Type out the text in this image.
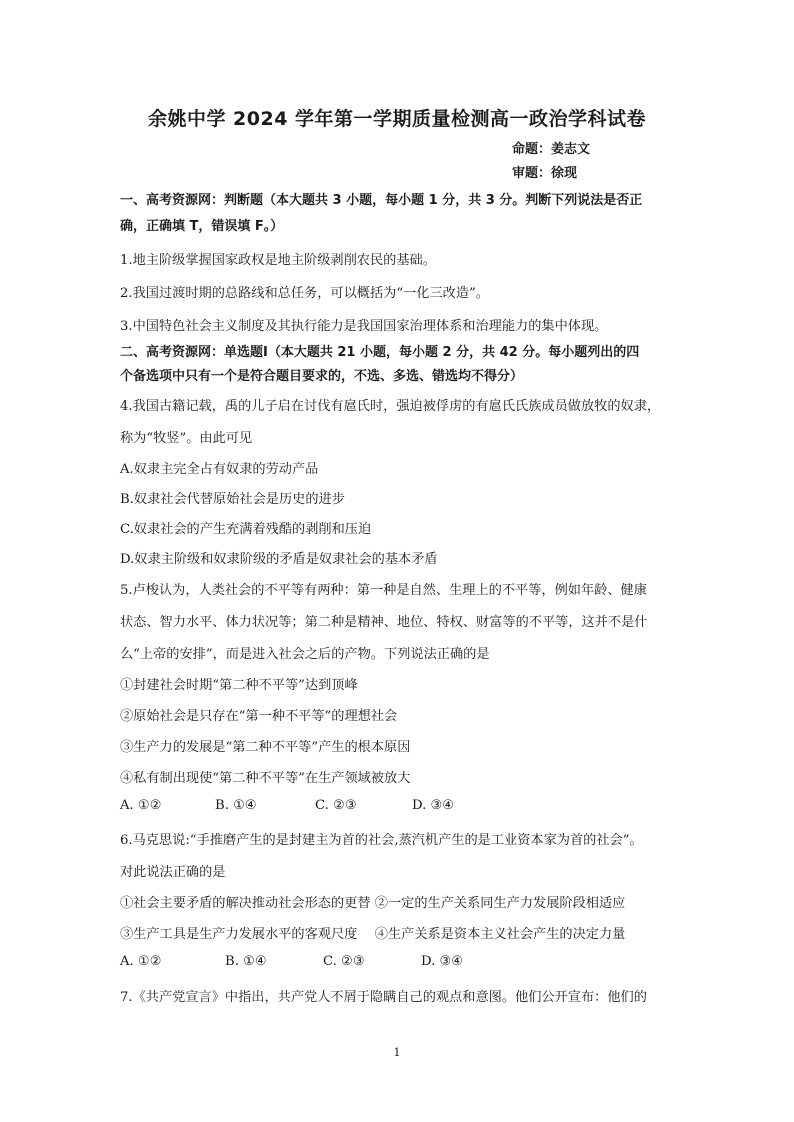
余姚中学 2024 学年第一学期质量检测高一政治学科试卷
命题：姜志文
审题：徐现
一、高考资源网：判断题（本大题共 3 小题，每小题 1 分，共 3 分。判断下列说法是否正
确，正确填 T，错误填 F。）
1.地主阶级掌握国家政权是地主阶级剥削农民的基础。
2.我国过渡时期的总路线和总任务，可以概括为“一化三改造”。
3.中国特色社会主义制度及其执行能力是我国国家治理体系和治理能力的集中体现。
二、高考资源网：单选题Ⅰ（本大题共 21 小题，每小题 2 分，共 42 分。每小题列出的四
个备选项中只有一个是符合题目要求的，不选、多选、错选均不得分）
4.我国古籍记载，禹的儿子启在讨伐有扈氏时，强迫被俘虏的有扈氏氏族成员做放牧的奴隶，
称为“牧竖”。由此可见
A.奴隶主完全占有奴隶的劳动产品
B.奴隶社会代替原始社会是历史的进步
C.奴隶社会的产生充满着残酷的剥削和压迫
D.奴隶主阶级和奴隶阶级的矛盾是奴隶社会的基本矛盾
5.卢梭认为，人类社会的不平等有两种：第一种是自然、生理上的不平等，例如年龄、健康
状态、智力水平、体力状况等；第二种是精神、地位、特权、财富等的不平等，这并不是什
么“上帝的安排”，而是进入社会之后的产物。下列说法正确的是
①封建社会时期“第二种不平等”达到顶峰
②原始社会是只存在“第一种不平等”的理想社会
③生产力的发展是“第二种不平等”产生的根本原因
④私有制出现使“第二种不平等”在生产领域被放大
A. ①②	B. ①④	C. ②③	D. ③④
6.马克思说:“手推磨产生的是封建主为首的社会,蒸汽机产生的是工业资本家为首的社会”。
对此说法正确的是
①社会主要矛盾的解决推动社会形态的更替 ②一定的生产关系同生产力发展阶段相适应
③生产工具是生产力发展水平的客观尺度　 ④生产关系是资本主义社会产生的决定力量
A. ①②	B. ①④	C. ②③	D. ③④
7.《共产党宣言》中指出，共产党人不屑于隐瞒自己的观点和意图。他们公开宣布：他们的
1
